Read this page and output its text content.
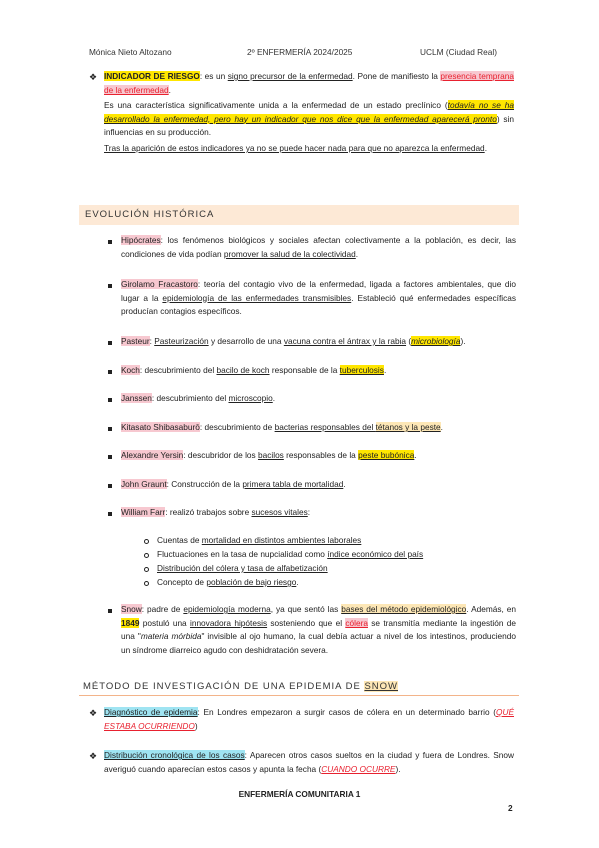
Mónica Nieto Altozano	2º ENFERMERÍA 2024/2025	UCLM (Ciudad Real)
❖ INDICADOR DE RIESGO: es un signo precursor de la enfermedad. Pone de manifiesto la presencia temprana de la enfermedad.
Es una característica significativamente unida a la enfermedad de un estado preclínico (todavía no se ha desarrollado la enfermedad, pero hay un indicador que nos dice que la enfermedad aparecerá pronto) sin influencias en su producción.
Tras la aparición de estos indicadores ya no se puede hacer nada para que no aparezca la enfermedad.
EVOLUCIÓN HISTÓRICA
Hipócrates: los fenómenos biológicos y sociales afectan colectivamente a la población, es decir, las condiciones de vida podían promover la salud de la colectividad.
Girolamo Fracastoro: teoría del contagio vivo de la enfermedad, ligada a factores ambientales, que dio lugar a la epidemiología de las enfermedades transmisibles. Estableció qué enfermedades específicas producían contagios específicos.
Pasteur: Pasteurización y desarrollo de una vacuna contra el ántrax y la rabia (microbiología).
Koch: descubrimiento del bacilo de koch responsable de la tuberculosis.
Janssen: descubrimiento del microscopio.
Kitasato Shibasaburō: descubrimiento de bacterias responsables del tétanos y la peste.
Alexandre Yersin: descubridor de los bacilos responsables de la peste bubónica.
John Graunt: Construcción de la primera tabla de mortalidad.
William Farr: realizó trabajos sobre sucesos vitales:
Cuentas de mortalidad en distintos ambientes laborales
Fluctuaciones en la tasa de nupcialidad como índice económico del país
Distribución del cólera y tasa de alfabetización
Concepto de población de bajo riesgo.
Snow: padre de epidemiología moderna, ya que sentó las bases del método epidemiológico. Además, en 1849 postuló una innovadora hipótesis sosteniendo que el cólera se transmitía mediante la ingestión de una "materia mórbida" invisible al ojo humano, la cual debía actuar a nivel de los intestinos, produciendo un síndrome diarreico agudo con deshidratación severa.
MÉTODO DE INVESTIGACIÓN DE UNA EPIDEMIA DE SNOW
❖ Diagnóstico de epidemia: En Londres empezaron a surgir casos de cólera en un determinado barrio (QUÉ ESTABA OCURRIENDO)
❖ Distribución cronológica de los casos: Aparecen otros casos sueltos en la ciudad y fuera de Londres. Snow averiguó cuando aparecían estos casos y apunta la fecha (CUANDO OCURRE).
ENFERMERÍA COMUNITARIA 1
2
